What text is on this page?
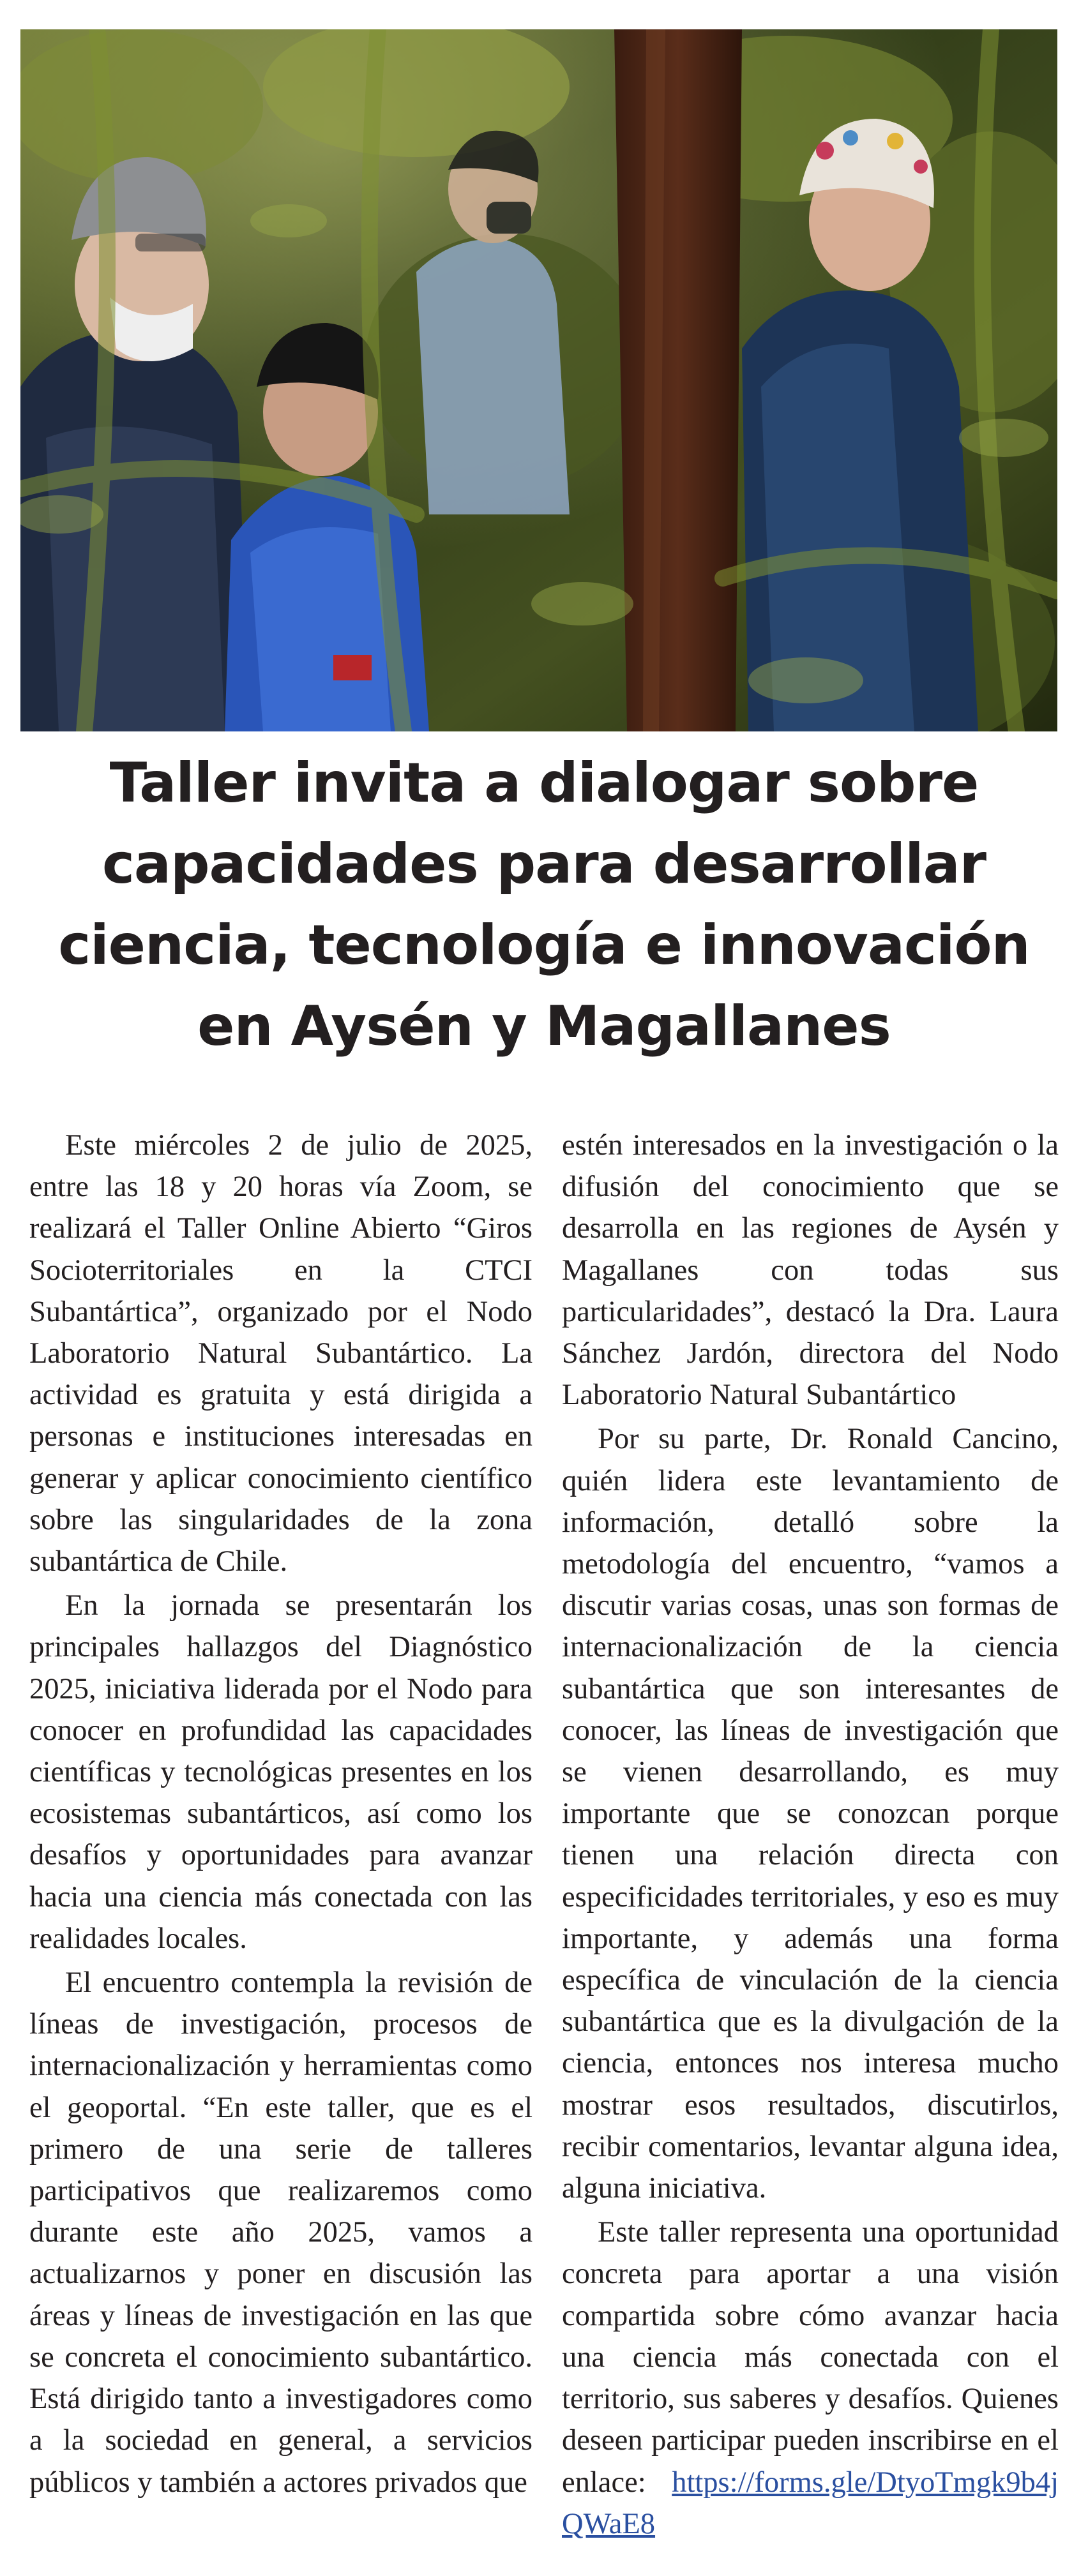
Taller invita a dialogar sobre
capacidades para desarrollar
ciencia, tecnología e innovación
en Aysén y Magallanes

Este miércoles 2 de julio de 2025, entre las 18 y 20 horas vía Zoom, se realizará el Taller Online Abierto “Giros Socioterritoriales en la CTCI Subantártica”, organizado por el Nodo Laboratorio Natural Subantártico. La actividad es gratuita y está dirigida a personas e instituciones interesadas en generar y aplicar conocimiento científico sobre las singularidades de la zona subantártica de Chile.

En la jornada se presentarán los principales hallazgos del Diagnóstico 2025, iniciativa liderada por el Nodo para conocer en profundidad las capacidades científicas y tecnológicas presentes en los ecosistemas subantárticos, así como los desafíos y oportunidades para avanzar hacia una ciencia más conectada con las realidades locales.

El encuentro contempla la revisión de líneas de investigación, procesos de internacionalización y herramientas como el geoportal. “En este taller, que es el primero de una serie de talleres participativos que realizaremos como durante este año 2025, vamos a actualizarnos y poner en discusión las áreas y líneas de investigación en las que se concreta el conocimiento subantártico. Está dirigido tanto a investigadores como a la sociedad en general, a servicios públicos y también a actores privados que

estén interesados en la investigación o la difusión del conocimiento que se desarrolla en las regiones de Aysén y Magallanes con todas sus particularidades”, destacó la Dra. Laura Sánchez Jardón, directora del Nodo Laboratorio Natural Subantártico

Por su parte, Dr. Ronald Cancino, quién lidera este levantamiento de información, detalló sobre la metodología del encuentro, “vamos a discutir varias cosas, unas son formas de internacionalización de la ciencia subantártica que son interesantes de conocer, las líneas de investigación que se vienen desarrollando, es muy importante que se conozcan porque tienen una relación directa con especificidades territoriales, y eso es muy importante, y además una forma específica de vinculación de la ciencia subantártica que es la divulgación de la ciencia, entonces nos interesa mucho mostrar esos resultados, discutirlos, recibir comentarios, levantar alguna idea, alguna iniciativa.

Este taller representa una oportunidad concreta para aportar a una visión compartida sobre cómo avanzar hacia una ciencia más conectada con el territorio, sus saberes y desafíos. Quienes deseen participar pueden inscribirse en el enlace: https://forms.gle/DtyoTmgk9b4jQWaE8
